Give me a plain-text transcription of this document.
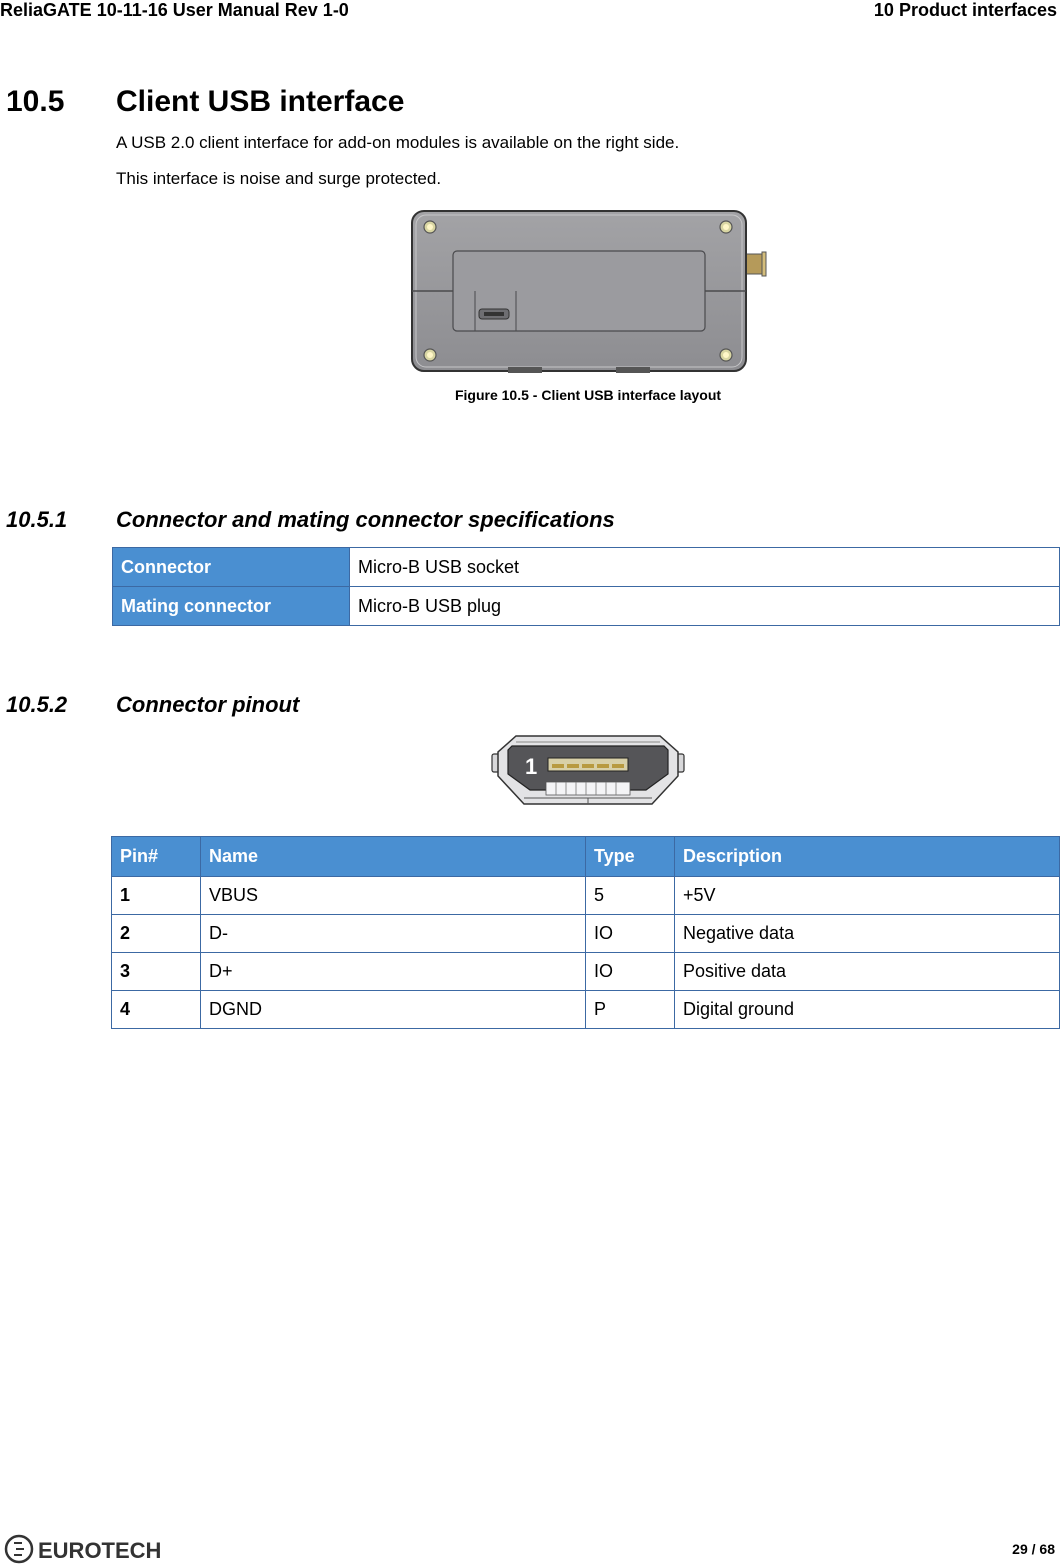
ReliaGATE 10-11-16 User Manual Rev 1-0	10 Product interfaces
10.5 Client USB interface
A USB 2.0 client interface for add-on modules is available on the right side.
This interface is noise and surge protected.
Figure 10.5 - Client USB interface layout
10.5.1 Connector and mating connector specifications
Connector	Micro-B USB socket
Mating connector	Micro-B USB plug
10.5.2 Connector pinout
1
Pin#	Name	Type	Description
1	VBUS	5	+5V
2	D-	IO	Negative data
3	D+	IO	Positive data
4	DGND	P	Digital ground
EUROTECH	29 / 68
